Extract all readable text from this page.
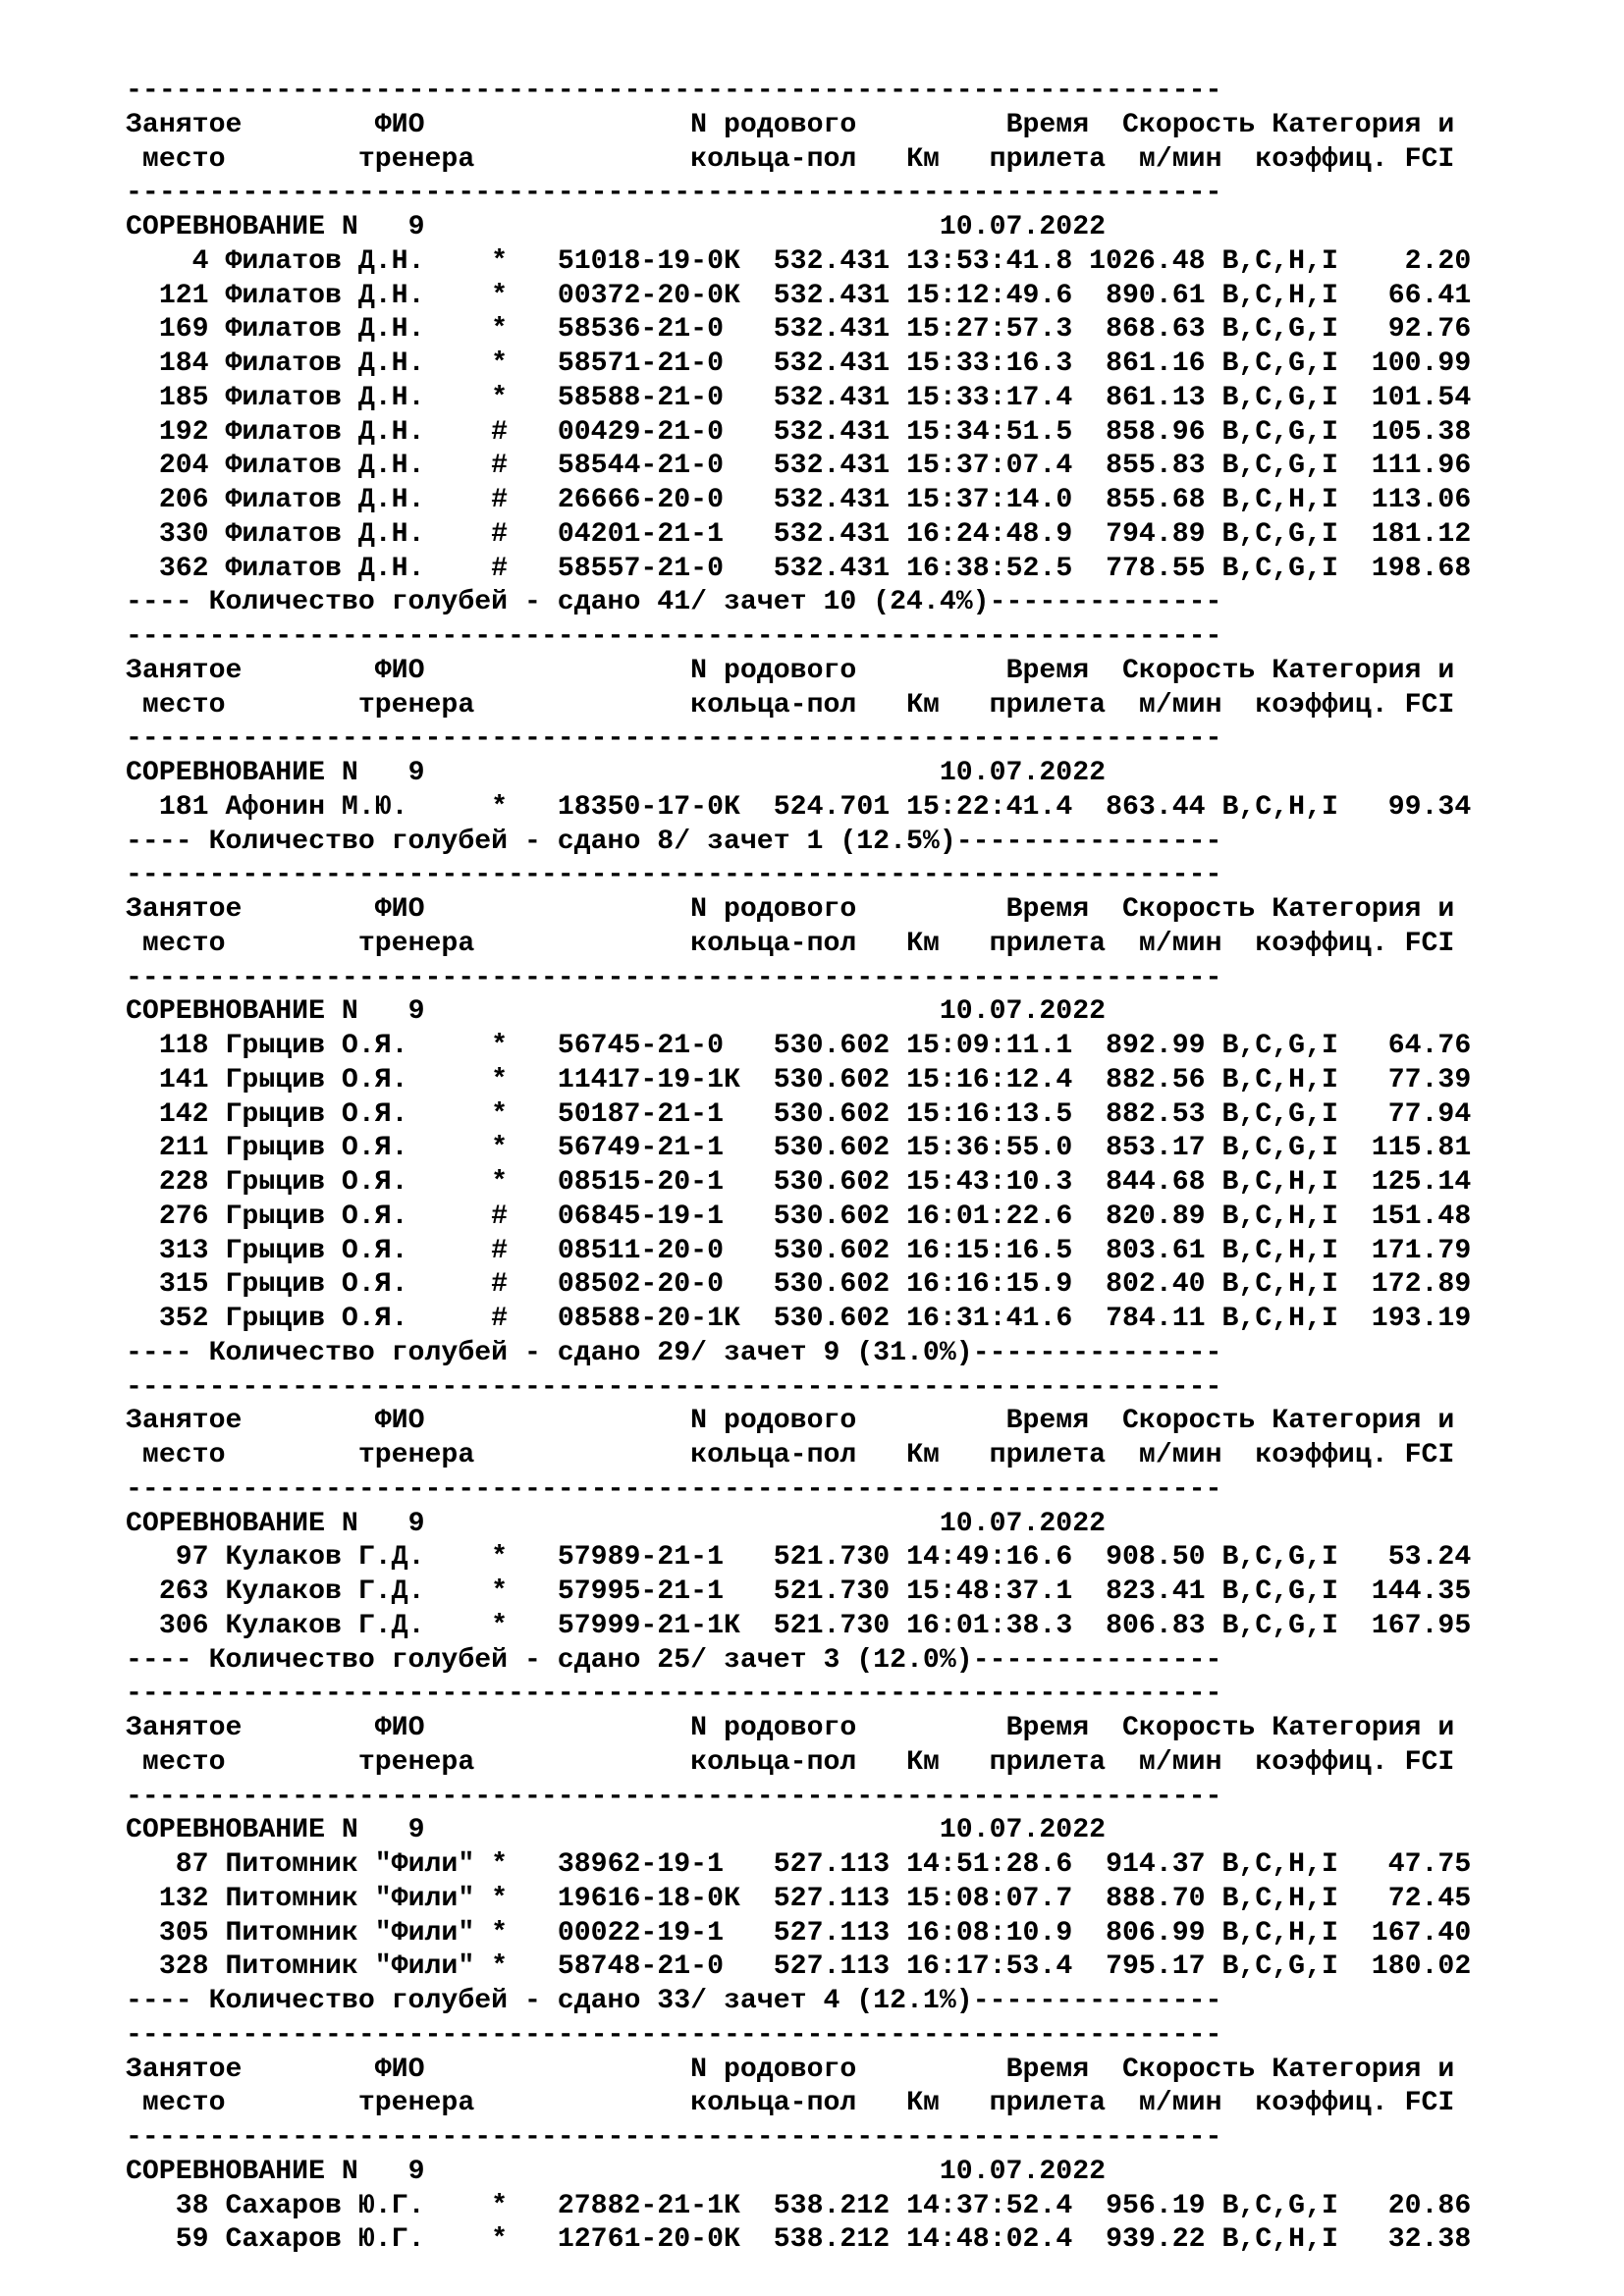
------------------------------------------------------------------
Занятое	ФИО	N родового	Время Скорость Категория и
место	тренера	кольца-пол Км прилета м/мин коэффиц. FCI
------------------------------------------------------------------
СОРЕВНОВАНИЕ N 9	10.07.2022
4 Филатов Д.Н.    * 51018-19-0К 532.431 13:53:41.8 1026.48 B,C,H,I    2.20
121 Филатов Д.Н.    * 00372-20-0К 532.431 15:12:49.6  890.61 B,C,H,I   66.41
169 Филатов Д.Н.    * 58536-21-0   532.431 15:27:57.3  868.63 B,C,G,I   92.76
184 Филатов Д.Н.    * 58571-21-0   532.431 15:33:16.3  861.16 B,C,G,I  100.99
185 Филатов Д.Н.    * 58588-21-0   532.431 15:33:17.4  861.13 B,C,G,I  101.54
192 Филатов Д.Н.    # 00429-21-0   532.431 15:34:51.5  858.96 B,C,G,I  105.38
204 Филатов Д.Н.    # 58544-21-0   532.431 15:37:07.4  855.83 B,C,G,I  111.96
206 Филатов Д.Н.    # 26666-20-0   532.431 15:37:14.0  855.68 B,C,H,I  113.06
330 Филатов Д.Н.    # 04201-21-1   532.431 16:24:48.9  794.89 B,C,G,I  181.12
362 Филатов Д.Н.    # 58557-21-0   532.431 16:38:52.5  778.55 B,C,G,I  198.68
---- Количество голубей - сдано 41/ зачет 10 (24.4%)--------------
------------------------------------------------------------------
Занятое	ФИО	N родового	Время Скорость Категория и
место	тренера	кольца-пол Км прилета м/мин коэффиц. FCI
------------------------------------------------------------------
СОРЕВНОВАНИЕ N 9	10.07.2022
181 Афонин М.Ю.     * 18350-17-0К 524.701 15:22:41.4  863.44 B,C,H,I   99.34
---- Количество голубей - сдано 8/ зачет 1 (12.5%)----------------
------------------------------------------------------------------
Занятое	ФИО	N родового	Время Скорость Категория и
место	тренера	кольца-пол Км прилета м/мин коэффиц. FCI
------------------------------------------------------------------
СОРЕВНОВАНИЕ N 9	10.07.2022
118 Грыцив О.Я.     * 56745-21-0   530.602 15:09:11.1  892.99 B,C,G,I   64.76
141 Грыцив О.Я.     * 11417-19-1К 530.602 15:16:12.4  882.56 B,C,H,I   77.39
142 Грыцив О.Я.     * 50187-21-1   530.602 15:16:13.5  882.53 B,C,G,I   77.94
211 Грыцив О.Я.     * 56749-21-1   530.602 15:36:55.0  853.17 B,C,G,I  115.81
228 Грыцив О.Я.     * 08515-20-1   530.602 15:43:10.3  844.68 B,C,H,I  125.14
276 Грыцив О.Я.     # 06845-19-1   530.602 16:01:22.6  820.89 B,C,H,I  151.48
313 Грыцив О.Я.     # 08511-20-0   530.602 16:15:16.5  803.61 B,C,H,I  171.79
315 Грыцив О.Я.     # 08502-20-0   530.602 16:16:15.9  802.40 B,C,H,I  172.89
352 Грыцив О.Я.     # 08588-20-1К 530.602 16:31:41.6  784.11 B,C,H,I  193.19
---- Количество голубей - сдано 29/ зачет 9 (31.0%)---------------
------------------------------------------------------------------
Занятое	ФИО	N родового	Время Скорость Категория и
место	тренера	кольца-пол Км прилета м/мин коэффиц. FCI
------------------------------------------------------------------
СОРЕВНОВАНИЕ N 9	10.07.2022
97 Кулаков Г.Д.    * 57989-21-1   521.730 14:49:16.6  908.50 B,C,G,I   53.24
263 Кулаков Г.Д.    * 57995-21-1   521.730 15:48:37.1  823.41 B,C,G,I  144.35
306 Кулаков Г.Д.    * 57999-21-1К 521.730 16:01:38.3  806.83 B,C,G,I  167.95
---- Количество голубей - сдано 25/ зачет 3 (12.0%)---------------
------------------------------------------------------------------
Занятое	ФИО	N родового	Время Скорость Категория и
место	тренера	кольца-пол Км прилета м/мин коэффиц. FCI
------------------------------------------------------------------
СОРЕВНОВАНИЕ N 9	10.07.2022
87 Питомник "Фили" * 38962-19-1   527.113 14:51:28.6  914.37 B,C,H,I   47.75
132 Питомник "Фили" * 19616-18-0К 527.113 15:08:07.7  888.70 B,C,H,I   72.45
305 Питомник "Фили" * 00022-19-1   527.113 16:08:10.9  806.99 B,C,H,I  167.40
328 Питомник "Фили" * 58748-21-0   527.113 16:17:53.4  795.17 B,C,G,I  180.02
---- Количество голубей - сдано 33/ зачет 4 (12.1%)---------------
------------------------------------------------------------------
Занятое	ФИО	N родового	Время Скорость Категория и
место	тренера	кольца-пол Км прилета м/мин коэффиц. FCI
------------------------------------------------------------------
СОРЕВНОВАНИЕ N 9	10.07.2022
38 Сахаров Ю.Г.    * 27882-21-1К 538.212 14:37:52.4  956.19 B,C,G,I   20.86
59 Сахаров Ю.Г.    * 12761-20-0К 538.212 14:48:02.4  939.22 B,C,H,I   32.38
